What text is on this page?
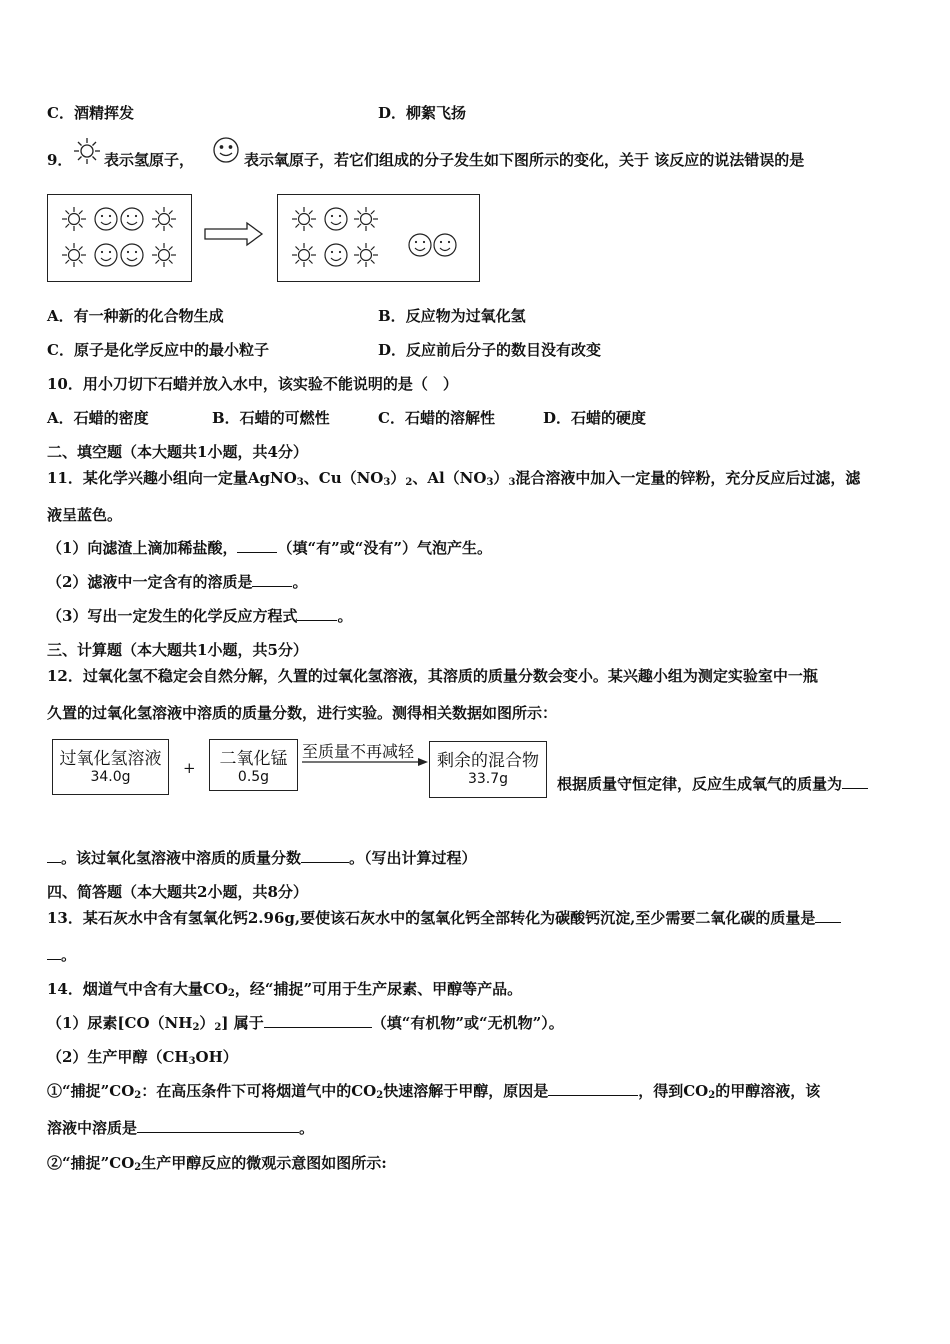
C．酒精挥发	D．柳絮飞扬
9． 表示氢原子，	表示氧原子，若它们组成的分子发生如下图所示的变化，关于 该反应的说法错误的是
A．有一种新的化合物生成	B．反应物为过氧化氢
C．原子是化学反应中的最小粒子	D．反应前后分子的数目没有改变
10．用小刀切下石蜡并放入水中，该实验不能说明的是（　）
A．石蜡的密度	B．石蜡的可燃性	C．石蜡的溶解性	D．石蜡的硬度
二、填空题（本大题共1小题，共4分）
11．某化学兴趣小组向一定量AgNO$_3$、$Cu(NO_3)_2$、$Al(NO_3)_3$混合溶液中加入一定量的锌粉，充分反应后过滤，滤
液呈蓝色。
（1）向滤渣上滴加稀盐酸，	（填“有”或“没有”）气泡产生。
（2）滤液中一定含有的溶质是	。
（3）写出一定发生的化学反应方程式	。
三、计算题（本大题共1小题，共5分）
12．过氧化氢不稳定会自然分解，久置的过氧化氢溶液，其溶质的质量分数会变小。某兴趣小组为测定实验室中一瓶
久置的过氧化氢溶液中溶质的质量分数，进行实验。测得相关数据如图所示：
过氧化氢溶液
34.0g	+	二氧化锰
0.5g
至质量不再减轻	剩余的混合物
33.7g	根据质量守恒定律，反应生成氧气的质量为
。该过氧化氢溶液中溶质的质量分数	。（写出计算过程）
四、简答题（本大题共2小题，共8分）
13．某石灰水中含有氢氧化钙2.96g,要使该石灰水中的氢氧化钙全部转化为碳酸钙沉淀,至少需要二氧化碳的质量是
。
14．烟道气中含有大量$CO_2$，经“捕捉”可用于生产尿素、甲醇等产品。
（1）尿素$[CO(NH_2)_2]$ 属于	（填“有机物”或“无机物”）。
（2）生产甲醇$(CH_3OH)$
①“捕捉$”CO_2$：在高压条件下可将烟道气中的$CO_2$快速溶解于甲醇，原因是	，得到$CO_2$的甲醇溶液，该
溶液中溶质是	。
②“捕捉$”CO_2$生产甲醇反应的微观示意图如图所示:
